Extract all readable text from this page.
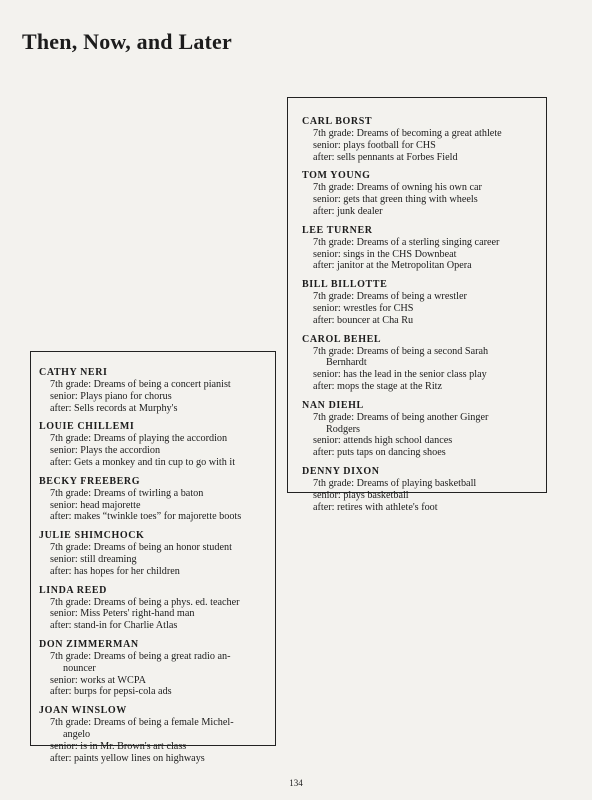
Then, Now, and Later
CARL BORST
7th grade: Dreams of becoming a great athlete
senior: plays football for CHS
after: sells pennants at Forbes Field
TOM YOUNG
7th grade: Dreams of owning his own car
senior: gets that green thing with wheels
after: junk dealer
LEE TURNER
7th grade: Dreams of a sterling singing career
senior: sings in the CHS Downbeat
after: janitor at the Metropolitan Opera
BILL BILLOTTE
7th grade: Dreams of being a wrestler
senior: wrestles for CHS
after: bouncer at Cha Ru
CAROL BEHEL
7th grade: Dreams of being a second Sarah
Bernhardt
senior: has the lead in the senior class play
after: mops the stage at the Ritz
NAN DIEHL
7th grade: Dreams of being another Ginger
Rodgers
senior: attends high school dances
after: puts taps on dancing shoes
DENNY DIXON
7th grade: Dreams of playing basketball
senior: plays basketball
after: retires with athlete's foot
CATHY NERI
7th grade: Dreams of being a concert pianist
senior: Plays piano for chorus
after: Sells records at Murphy's
LOUIE CHILLEMI
7th grade: Dreams of playing the accordion
senior: Plays the accordion
after: Gets a monkey and tin cup to go with it
BECKY FREEBERG
7th grade: Dreams of twirling a baton
senior: head majorette
after: makes “twinkle toes” for majorette boots
JULIE SHIMCHOCK
7th grade: Dreams of being an honor student
senior: still dreaming
after: has hopes for her children
LINDA REED
7th grade: Dreams of being a phys. ed. teacher
senior: Miss Peters' right-hand man
after: stand-in for Charlie Atlas
DON ZIMMERMAN
7th grade: Dreams of being a great radio an-
nouncer
senior: works at WCPA
after: burps for pepsi-cola ads
JOAN WINSLOW
7th grade: Dreams of being a female Michel-
angelo
senior: is in Mr. Brown's art class
after: paints yellow lines on highways
134
